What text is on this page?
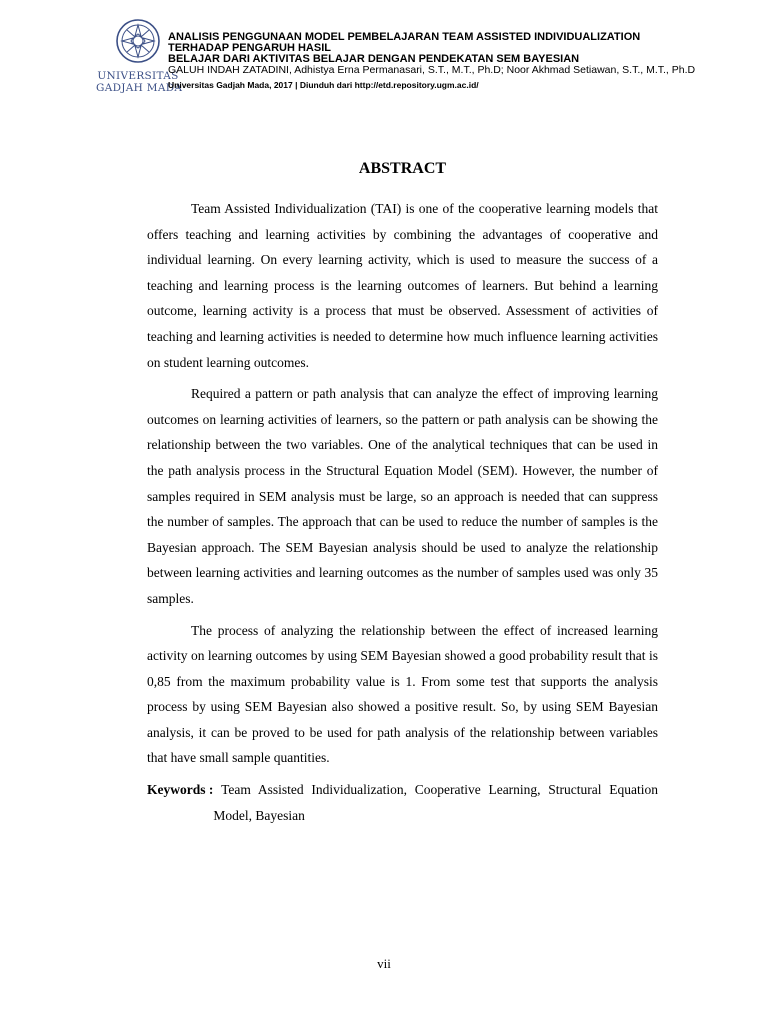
UNIVERSITAS
GADJAH MADA
ANALISIS PENGGUNAAN MODEL PEMBELAJARAN TEAM ASSISTED INDIVIDUALIZATION
TERHADAP PENGARUH HASIL
BELAJAR DARI AKTIVITAS BELAJAR DENGAN PENDEKATAN SEM BAYESIAN
GALUH INDAH ZATADINI, Adhistya Erna Permanasari, S.T., M.T., Ph.D; Noor Akhmad Setiawan, S.T., M.T., Ph.D
Universitas Gadjah Mada, 2017 | Diunduh dari http://etd.repository.ugm.ac.id/
ABSTRACT

Team Assisted Individualization (TAI) is one of the cooperative learning models that offers teaching and learning activities by combining the advantages of cooperative and individual learning. On every learning activity, which is used to measure the success of a teaching and learning process is the learning outcomes of learners. But behind a learning outcome, learning activity is a process that must be observed. Assessment of activities of teaching and learning activities is needed to determine how much influence learning activities on student learning outcomes.

Required a pattern or path analysis that can analyze the effect of improving learning outcomes on learning activities of learners, so the pattern or path analysis can be showing the relationship between the two variables. One of the analytical techniques that can be used in the path analysis process in the Structural Equation Model (SEM). However, the number of samples required in SEM analysis must be large, so an approach is needed that can suppress the number of samples. The approach that can be used to reduce the number of samples is the Bayesian approach. The SEM Bayesian analysis should be used to analyze the relationship between learning activities and learning outcomes as the number of samples used was only 35 samples.

The process of analyzing the relationship between the effect of increased learning activity on learning outcomes by using SEM Bayesian showed a good probability result that is 0,85 from the maximum probability value is 1. From some test that supports the analysis process by using SEM Bayesian also showed a positive result. So, by using SEM Bayesian analysis, it can be proved to be used for path analysis of the relationship between variables that have small sample quantities.

Keywords : Team Assisted Individualization, Cooperative Learning, Structural Equation Model, Bayesian
vii
